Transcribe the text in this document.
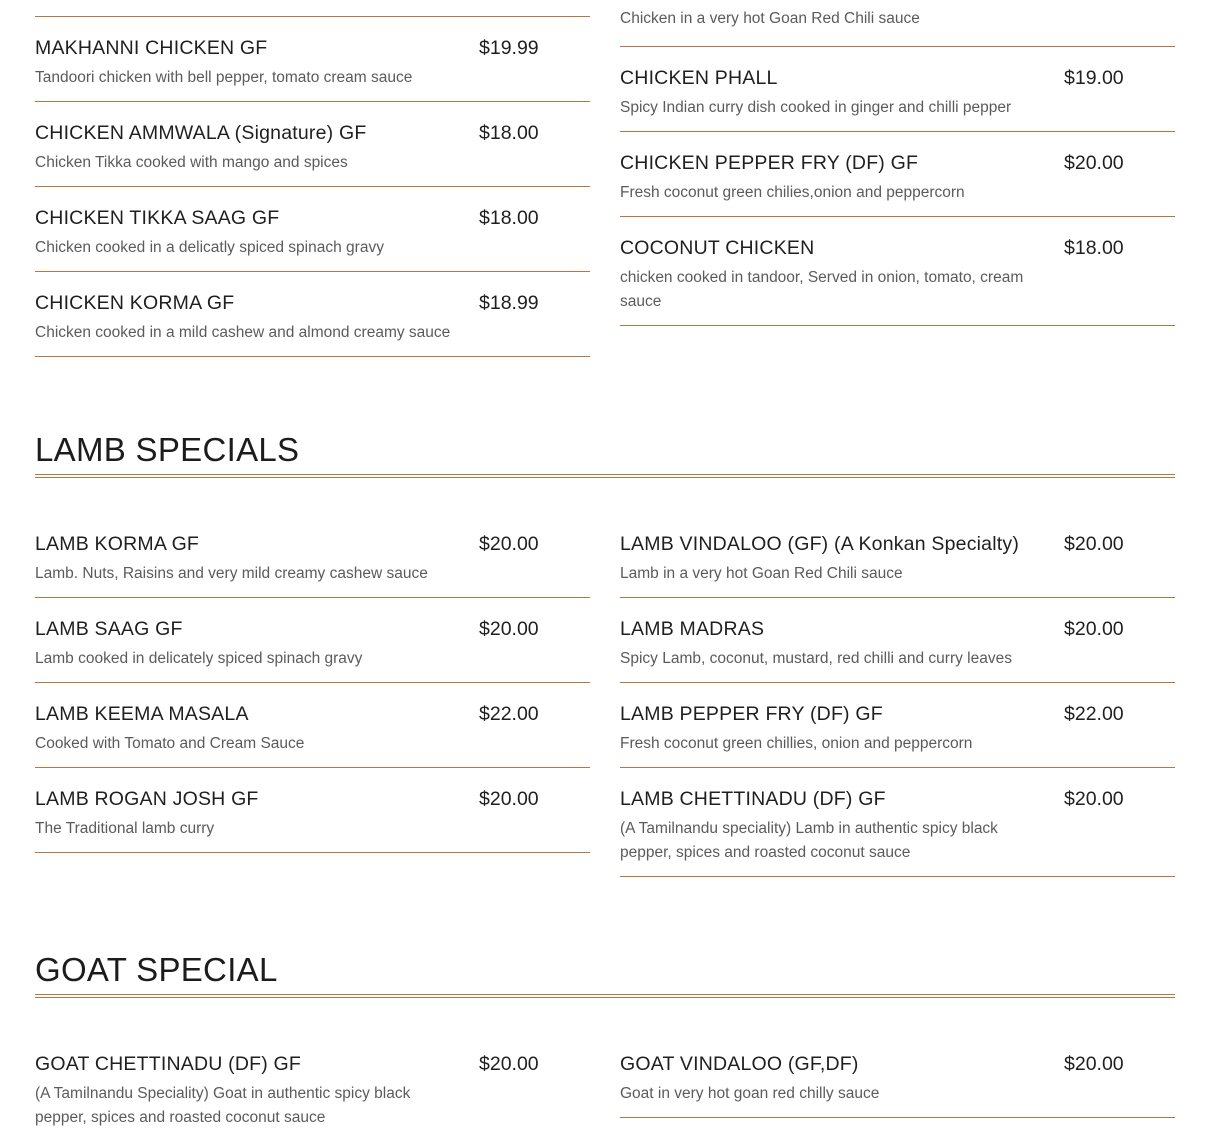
MAKHANNI CHICKEN GF	$19.99
Tandoori chicken with bell pepper, tomato cream sauce
CHICKEN AMMWALA (Signature) GF	$18.00
Chicken Tikka cooked with mango and spices
CHICKEN TIKKA SAAG GF	$18.00
Chicken cooked in a delicatly spiced spinach gravy
CHICKEN KORMA GF	$18.99
Chicken cooked in a mild cashew and almond creamy sauce
Chicken in a very hot Goan Red Chili sauce
CHICKEN PHALL	$19.00
Spicy Indian curry dish cooked in ginger and chilli pepper
CHICKEN PEPPER FRY (DF) GF	$20.00
Fresh coconut green chilies,onion and peppercorn
COCONUT CHICKEN	$18.00
chicken cooked in tandoor, Served in onion, tomato, cream sauce
LAMB SPECIALS
LAMB KORMA GF	$20.00
Lamb. Nuts, Raisins and very mild creamy cashew sauce
LAMB SAAG GF	$20.00
Lamb cooked in delicately spiced spinach gravy
LAMB KEEMA MASALA	$22.00
Cooked with Tomato and Cream Sauce
LAMB ROGAN JOSH GF	$20.00
The Traditional lamb curry
LAMB VINDALOO (GF) (A Konkan Specialty) $20.00
Lamb in a very hot Goan Red Chili sauce
LAMB MADRAS	$20.00
Spicy Lamb, coconut, mustard, red chilli and curry leaves
LAMB PEPPER FRY (DF) GF	$22.00
Fresh coconut green chillies, onion and peppercorn
LAMB CHETTINADU (DF) GF	$20.00
(A Tamilnandu speciality) Lamb in authentic spicy black pepper, spices and roasted coconut sauce
GOAT SPECIAL
GOAT CHETTINADU (DF) GF	$20.00
(A Tamilnandu Speciality) Goat in authentic spicy black pepper, spices and roasted coconut sauce
GOAT VINDALOO (GF,DF)	$20.00
Goat in very hot goan red chilly sauce
